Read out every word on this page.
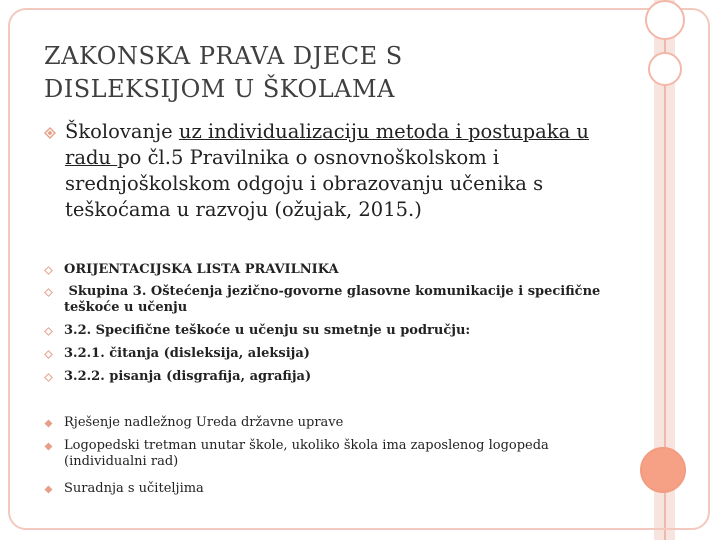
ZAKONSKA PRAVA DJECE S
DISLEKSIJOM U ŠKOLAMA
Školovanje uz individualizaciju metoda i postupaka u radu po čl.5 Pravilnika o osnovnoškolskom i srednjoškolskom odgoju i obrazovanju učenika s teškoćama u razvoju (ožujak, 2015.)
ORIJENTACIJSKA LISTA PRAVILNIKA
Skupina 3. Oštećenja jezično-govorne glasovne komunikacije i specifične teškoće u učenju
3.2. Specifične teškoće u učenju su smetnje u području:
3.2.1. čitanja (disleksija, aleksija)
3.2.2. pisanja (disgrafija, agrafija)
Rješenje nadležnog Ureda državne uprave
Logopedski tretman unutar škole, ukoliko škola ima zaposlenog logopeda (individualni rad)
Suradnja s učiteljima
